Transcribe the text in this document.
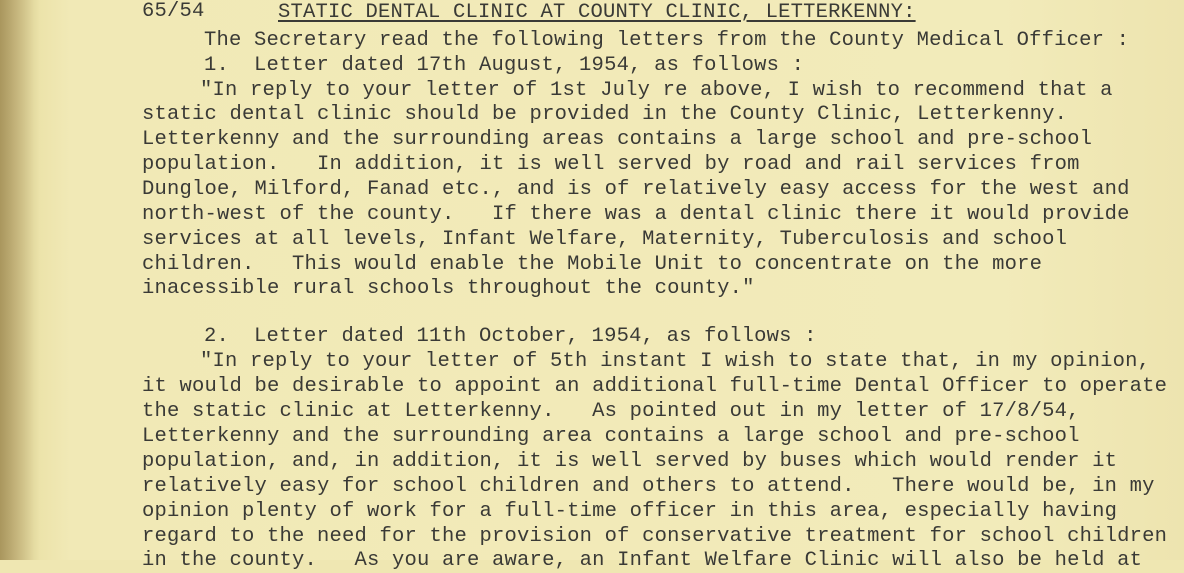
65/54	STATIC DENTAL CLINIC AT COUNTY CLINIC, LETTERKENNY:
The Secretary read the following letters from the County Medical Officer :
1.  Letter dated 17th August, 1954, as follows :
"In reply to your letter of 1st July re above, I wish to recommend that a
static dental clinic should be provided in the County Clinic, Letterkenny.
Letterkenny and the surrounding areas contains a large school and pre-school
population.   In addition, it is well served by road and rail services from
Dungloe, Milford, Fanad etc., and is of relatively easy access for the west and
north-west of the county.   If there was a dental clinic there it would provide
services at all levels, Infant Welfare, Maternity, Tuberculosis and school
children.   This would enable the Mobile Unit to concentrate on the more
inacessible rural schools throughout the county."
2.  Letter dated 11th October, 1954, as follows :
"In reply to your letter of 5th instant I wish to state that, in my opinion,
it would be desirable to appoint an additional full-time Dental Officer to operate
the static clinic at Letterkenny.   As pointed out in my letter of 17/8/54,
Letterkenny and the surrounding area contains a large school and pre-school
population, and, in addition, it is well served by buses which would render it
relatively easy for school children and others to attend.   There would be, in my
opinion plenty of work for a full-time officer in this area, especially having
regard to the need for the provision of conservative treatment for school children
in the county.   As you are aware, an Infant Welfare Clinic will also be held at
